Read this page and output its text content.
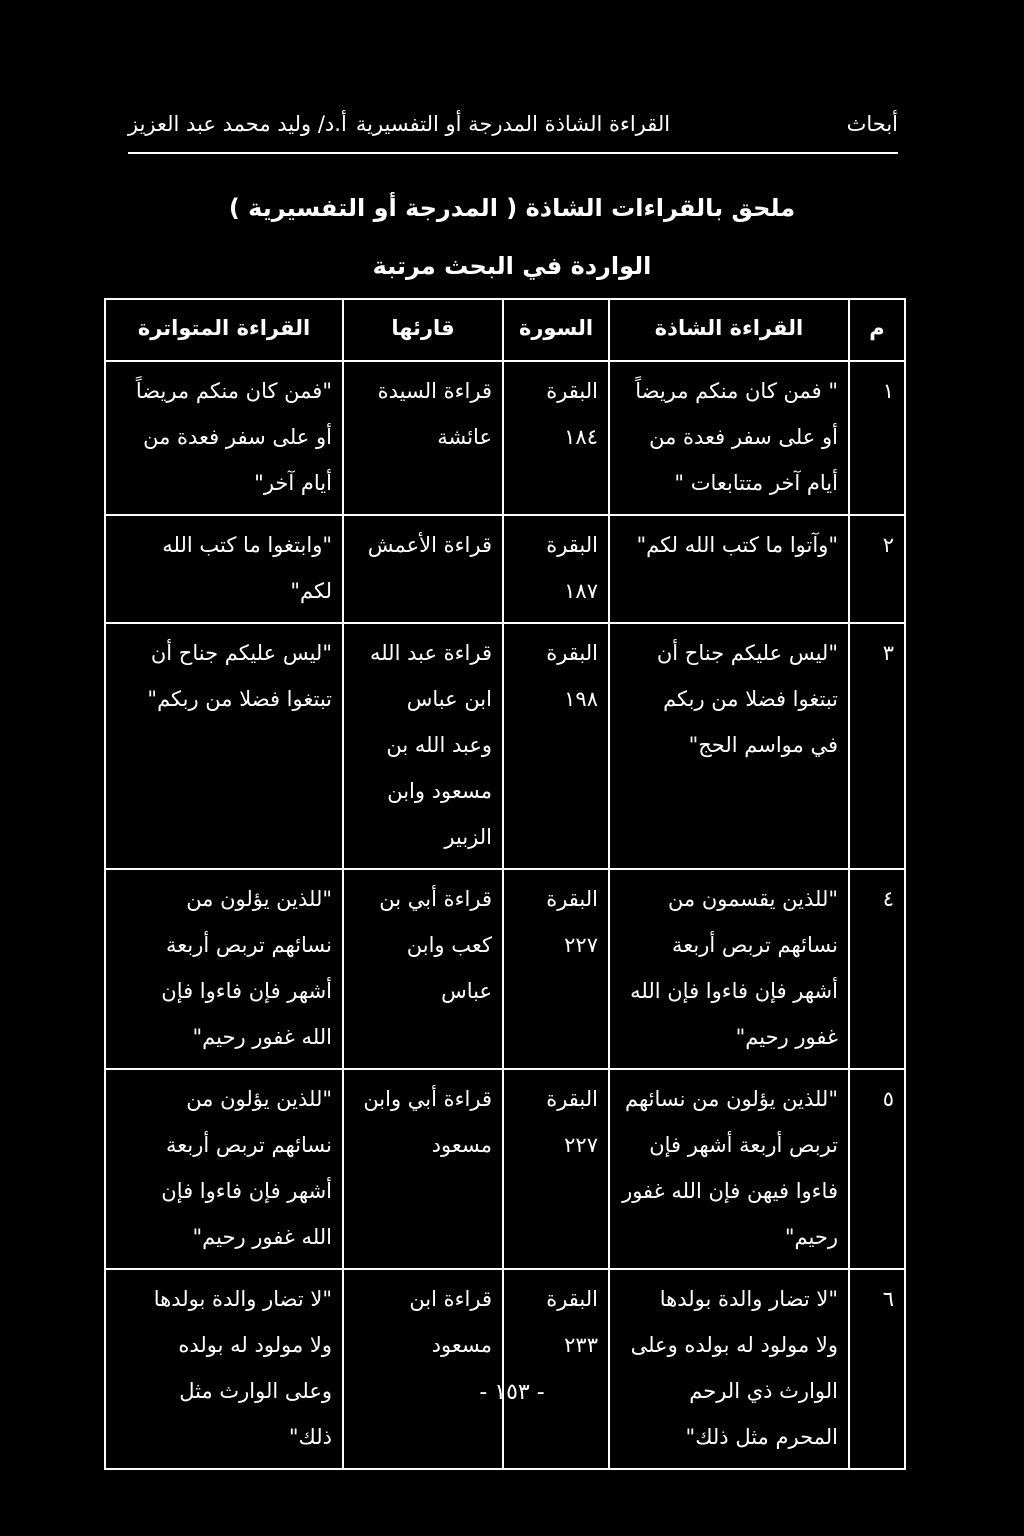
أبحاث
القراءة الشاذة المدرجة أو التفسيرية
أ.د/ وليد محمد عبد العزيز
ملحق بالقراءات الشاذة ( المدرجة أو التفسيرية )
الواردة في البحث مرتبة
م	القراءة الشاذة	السورة	قارئها	القراءة المتواترة
١	" فمن كان منكم مريضاً
أو على سفر فعدة من
أيام آخر متتابعات "	البقرة
١٨٤	قراءة السيدة
عائشة	"فمن كان منكم مريضاً
أو على سفر فعدة من
أيام آخر"

٢	"وآتوا ما كتب الله لكم"	البقرة
١٨٧	قراءة الأعمش	"وابتغوا ما كتب الله
لكم"

٣	"ليس عليكم جناح أن
تبتغوا فضلا من ربكم
في مواسم الحج"	البقرة
١٩٨	قراءة عبد الله
ابن عباس
وعبد الله بن
مسعود وابن
الزبير	"ليس عليكم جناح أن
تبتغوا فضلا من ربكم"

٤	"للذين يقسمون من
نسائهم تربص أربعة
أشهر فإن فاءوا فإن الله
غفور رحيم"	البقرة
٢٢٧	قراءة أبي بن
كعب وابن
عباس	"للذين يؤلون من
نسائهم تربص أربعة
أشهر فإن فاءوا فإن
الله غفور رحيم"

٥	"للذين يؤلون من نسائهم
تربص أربعة أشهر فإن
فاءوا فيهن فإن الله غفور
رحيم"	البقرة
٢٢٧	قراءة أبي وابن
مسعود	"للذين يؤلون من
نسائهم تربص أربعة
أشهر فإن فاءوا فإن
الله غفور رحيم"

٦	"لا تضار والدة بولدها
ولا مولود له بولده وعلى
الوارث ذي الرحم
المحرم مثل ذلك"	البقرة
٢٣٣	قراءة ابن
مسعود	"لا تضار والدة بولدها
ولا مولود له بولده
وعلى الوارث مثل
ذلك"
- ١٥٣ -
